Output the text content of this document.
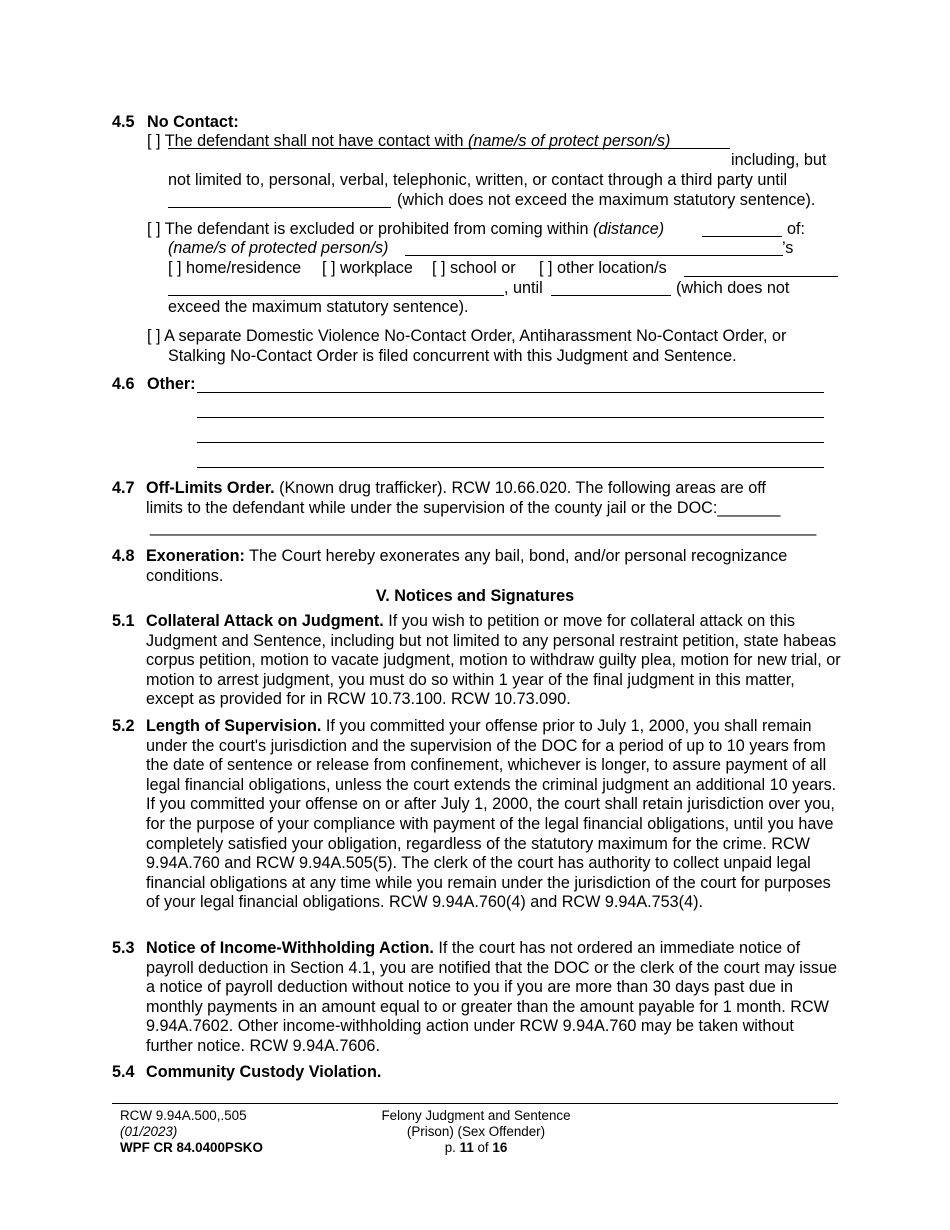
4.5 No Contact:
[ ] The defendant shall not have contact with (name/s of protect person/s)
including, but
not limited to, personal, verbal, telephonic, written, or contact through a third party until
(which does not exceed the maximum statutory sentence).
[ ] The defendant is excluded or prohibited from coming within (distance)	of:
(name/s of protected person/s)	’s
[ ] home/residence [ ] workplace [ ] school or [ ] other location/s
, until	(which does not
exceed the maximum statutory sentence).
[ ] A separate Domestic Violence No-Contact Order, Antiharassment No-Contact Order, or
Stalking No-Contact Order is filed concurrent with this Judgment and Sentence.
4.6 Other:
4.7 Off-Limits Order. (Known drug trafficker). RCW 10.66.020. The following areas are off
limits to the defendant while under the supervision of the county jail or the DOC:_______
__________________________________________________________________________
4.8 Exoneration: The Court hereby exonerates any bail, bond, and/or personal recognizance conditions.
V. Notices and Signatures
5.1 Collateral Attack on Judgment. If you wish to petition or move for collateral attack on this Judgment and Sentence, including but not limited to any personal restraint petition, state habeas corpus petition, motion to vacate judgment, motion to withdraw guilty plea, motion for new trial, or motion to arrest judgment, you must do so within 1 year of the final judgment in this matter, except as provided for in RCW 10.73.100. RCW 10.73.090.
5.2 Length of Supervision. If you committed your offense prior to July 1, 2000, you shall remain under the court's jurisdiction and the supervision of the DOC for a period of up to 10 years from the date of sentence or release from confinement, whichever is longer, to assure payment of all legal financial obligations, unless the court extends the criminal judgment an additional 10 years. If you committed your offense on or after July 1, 2000, the court shall retain jurisdiction over you, for the purpose of your compliance with payment of the legal financial obligations, until you have completely satisfied your obligation, regardless of the statutory maximum for the crime. RCW 9.94A.760 and RCW 9.94A.505(5). The clerk of the court has authority to collect unpaid legal financial obligations at any time while you remain under the jurisdiction of the court for purposes of your legal financial obligations. RCW 9.94A.760(4) and RCW 9.94A.753(4).
5.3 Notice of Income-Withholding Action. If the court has not ordered an immediate notice of payroll deduction in Section 4.1, you are notified that the DOC or the clerk of the court may issue a notice of payroll deduction without notice to you if you are more than 30 days past due in monthly payments in an amount equal to or greater than the amount payable for 1 month. RCW 9.94A.7602. Other income-withholding action under RCW 9.94A.760 may be taken without further notice. RCW 9.94A.7606.
5.4 Community Custody Violation.
RCW 9.94A.500,.505
(01/2023)
WPF CR 84.0400PSKO
Felony Judgment and Sentence
(Prison) (Sex Offender)
p. 11 of 16
